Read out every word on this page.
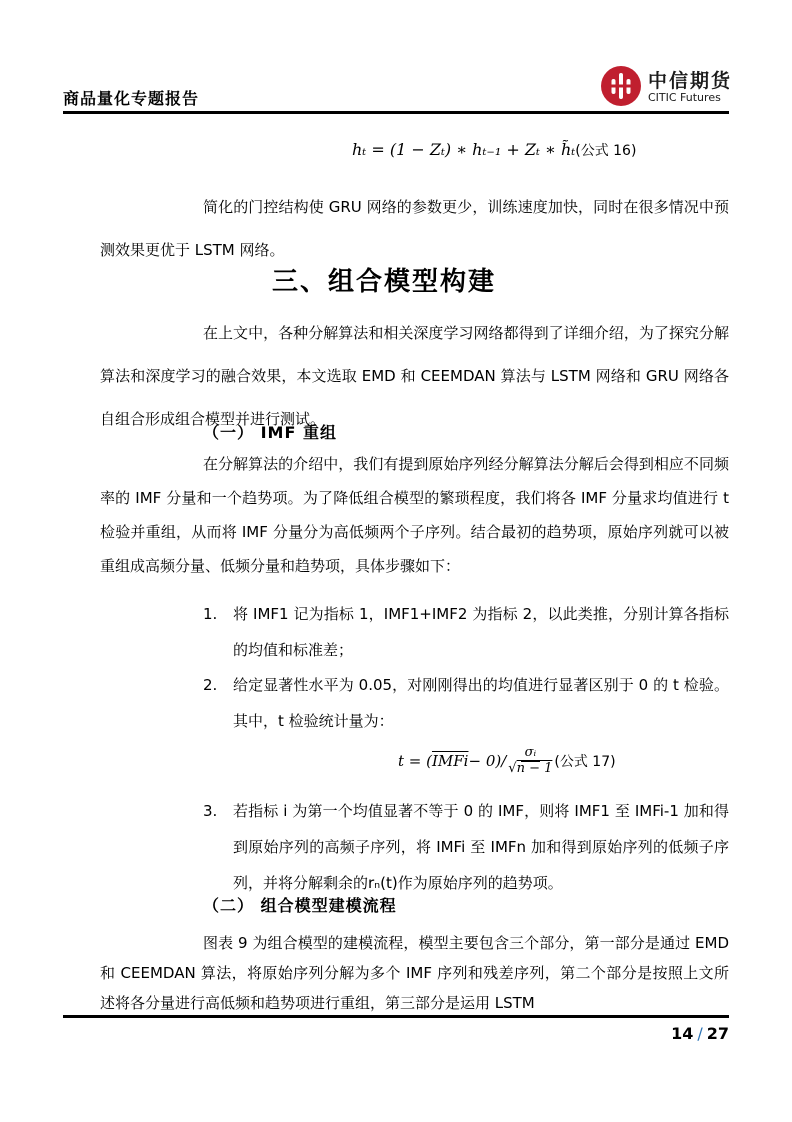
商品量化专题报告
中信期货
CITIC Futures
hₜ = (1 − Zₜ) ∗ hₜ₋₁ + Zₜ ∗ h̃ₜ(公式 16)
简化的门控结构使 GRU 网络的参数更少，训练速度加快，同时在很多情况中预测效果更优于 LSTM 网络。
三、组合模型构建
在上文中，各种分解算法和相关深度学习网络都得到了详细介绍，为了探究分解算法和深度学习的融合效果，本文选取 EMD 和 CEEMDAN 算法与 LSTM 网络和 GRU 网络各自组合形成组合模型并进行测试。
（一） IMF 重组
在分解算法的介绍中，我们有提到原始序列经分解算法分解后会得到相应不同频率的 IMF 分量和一个趋势项。为了降低组合模型的繁琐程度，我们将各 IMF 分量求均值进行 t 检验并重组，从而将 IMF 分量分为高低频两个子序列。结合最初的趋势项，原始序列就可以被重组成高频分量、低频分量和趋势项，具体步骤如下：
1.	将 IMF1 记为指标 1，IMF1+IMF2 为指标 2，以此类推，分别计算各指标的均值和标准差；
2.	给定显著性水平为 0.05，对刚刚得出的均值进行显著区别于 0 的 t 检验。其中，t 检验统计量为：
t = ( IMFi − $0)/ \frac{\text{σᵢ}}{√n - 1}$ (公式 17)
3.	若指标 i 为第一个均值显著不等于 0 的 IMF，则将 IMF1 至 IMFi-1 加和得到原始序列的高频子序列，将 IMFi 至 IMFn 加和得到原始序列的低频子序列，并将分解剩余的rₙ(t)作为原始序列的趋势项。
（二） 组合模型建模流程
图表 9 为组合模型的建模流程，模型主要包含三个部分，第一部分是通过 EMD 和 CEEMDAN 算法，将原始序列分解为多个 IMF 序列和残差序列，第二个部分是按照上文所述将各分量进行高低频和趋势项进行重组，第三部分是运用 LSTM
14 / 27
